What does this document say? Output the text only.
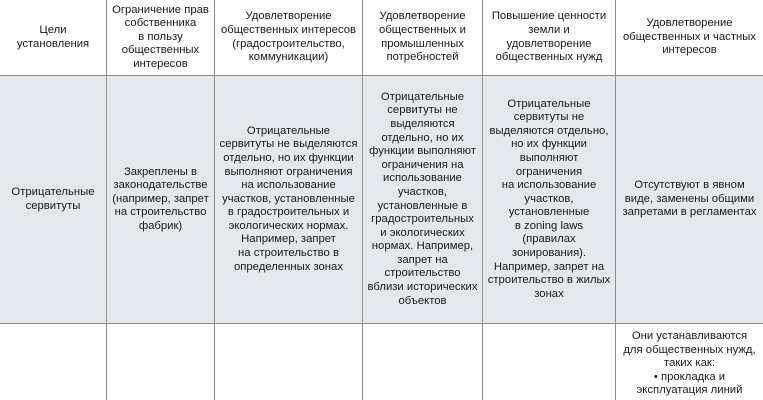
Цели
установления
Ограничение прав
собственника
в пользу
общественных
интересов
Удовлетворение
общественных интересов
(градостроительство,
коммуникации)
Удовлетворение
общественных и
промышленных
потребностей
Повышение ценности
земли и удовлетворение
общественных нужд
Удовлетворение
общественных и частных
интересов
Отрицательные
сервитуты
Закреплены в
законодательстве
(например, запрет
на строительство
фабрик)
Отрицательные
сервитуты не выделяются
отдельно, но их функции
выполняют ограничения
на использование
участков, установленные
в градостроительных и
экологических нормах.
Например, запрет
на строительство в
определенных зонах
Отрицательные
сервитуты не
выделяются
отдельно, но их
функции выполняют
ограничения на
использование
участков,
установленные в
градостроительных
и экологических
нормах. Например,
запрет на
строительство
вблизи исторических
объектов
Отрицательные
сервитуты не
выделяются отдельно,
но их функции
выполняют ограничения
на использование
участков, установленные
в zoning laws (правилах
зонирования).
Например, запрет на
строительство в жилых
зонах
Отсутствуют в явном
виде, заменены общими
запретами в регламентах
Они устанавливаются
для общественных нужд,
таких как:
• прокладка и
эксплуатация линий
